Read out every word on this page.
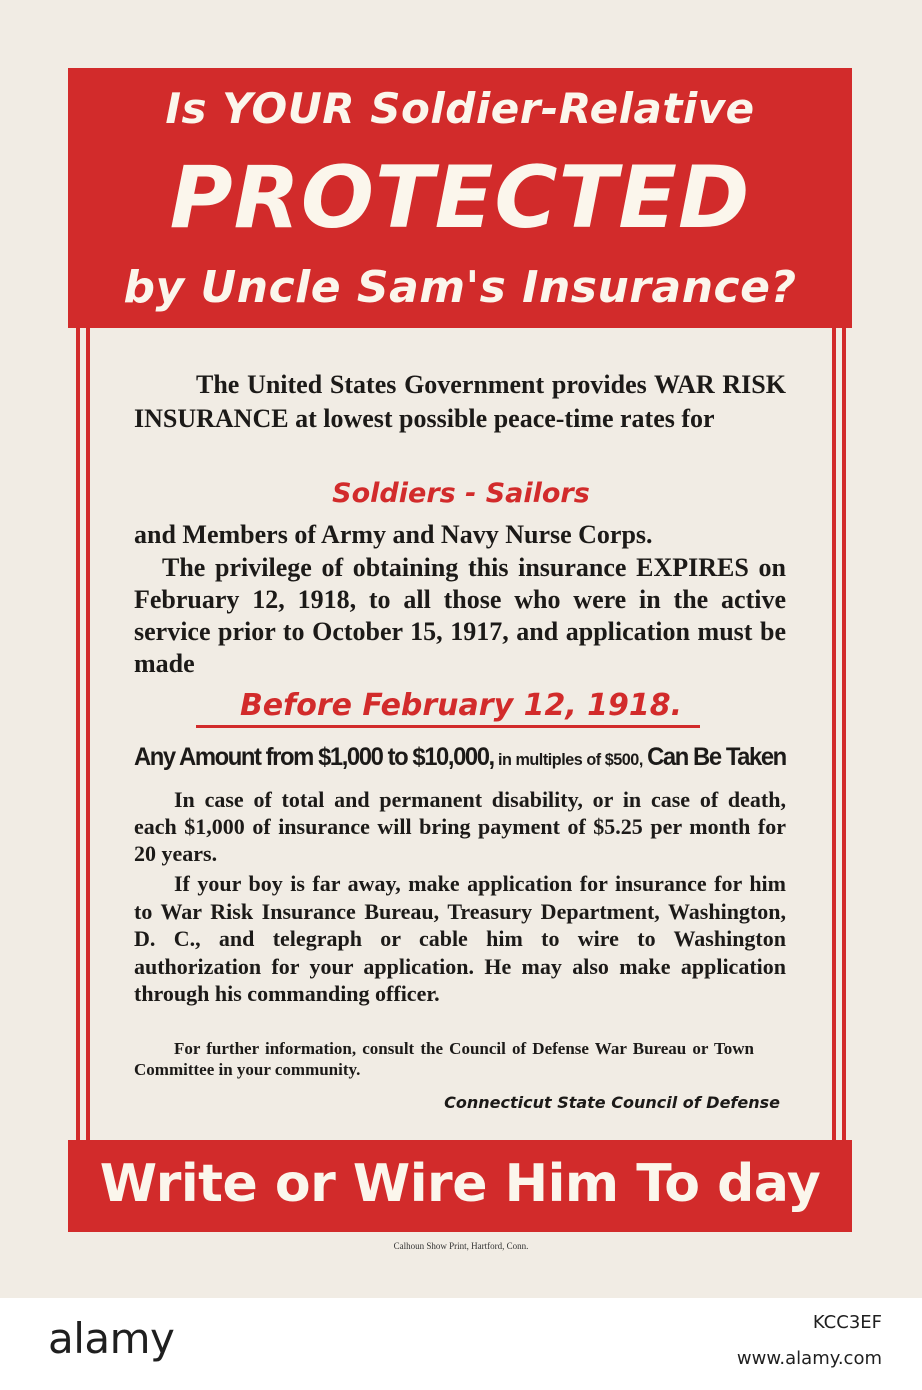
Is YOUR Soldier-Relative
PROTECTED
by Uncle Sam's Insurance?
The United States Government provides WAR RISK INSURANCE at lowest possible peace-time rates for
Soldiers - Sailors
and Members of Army and Navy Nurse Corps.
The privilege of obtaining this insurance EXPIRES on February 12, 1918, to all those who were in the active service prior to October 15, 1917, and application must be made
Before February 12, 1918.
Any Amount from $1,000 to $10,000, in multiples of $500, Can Be Taken
In case of total and permanent disability, or in case of death, each $1,000 of insurance will bring payment of $5.25 per month for 20 years.
If your boy is far away, make application for insurance for him to War Risk Insurance Bureau, Treasury Department, Washington, D. C., and telegraph or cable him to wire to Washington authorization for your application. He may also make application through his commanding officer.
For further information, consult the Council of Defense War Bureau or Town Committee in your community.
Connecticut State Council of Defense
Write or Wire Him To day
Calhoun Show Print, Hartford, Conn.
alamy	KCC3EF
www.alamy.com
